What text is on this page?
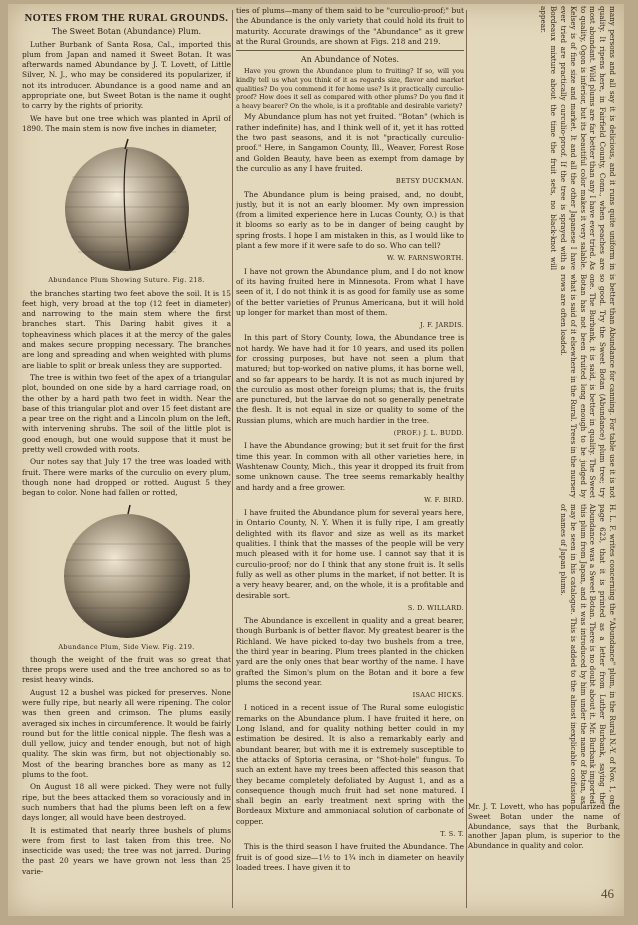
NOTES FROM THE RURAL GROUNDS.
The Sweet Botan (Abundance) Plum.

Luther Burbank of Santa Rosa, Cal., imported this plum from Japan and named it Sweet Botan. It was afterwards named Abundance by J. T. Lovett, of Little Silver, N. J., who may be considered its popularizer, if not its introducer. Abundance is a good name and an appropriate one, but Sweet Botan is the name it ought to carry by the rights of priority.

We have but one tree which was planted in April of 1890. The main stem is now five inches in diameter,

Abundance Plum Showing Suture. Fig. 218.

the branches starting two feet above the soil. It is 15 feet high, very broad at the top (12 feet in diameter) and narrowing to the main stem where the first branches start. This Daring habit gives it a topheaviness which places it at the mercy of the gales and makes secure propping necessary. The branches are long and spreading and when weighted with plums are liable to split or break unless they are supported.

The tree is within two feet of the apex of a triangular plot, bounded on one side by a hard carriage road, on the other by a hard path two feet in width. Near the base of this triangular plot and over 15 feet distant are a pear tree on the right and a Lincoln plum on the left, with intervening shrubs. The soil of the little plot is good enough, but one would suppose that it must be pretty well crowded with roots.

Our notes say that July 17 the tree was loaded with fruit. There were marks of the curculio on every plum, though none had dropped or rotted. August 5 they began to color. None had fallen or rotted,

Abundance Plum, Side View. Fig. 219.

though the weight of the fruit was so great that three props were used and the tree anchored so as to resist heavy winds.

August 12 a bushel was picked for preserves. None were fully ripe, but nearly all were ripening. The color was then green and crimson. The plums easily averaged six inches in circumference. It would be fairly round but for the little conical nipple. The flesh was a dull yellow, juicy and tender enough, but not of high quality. The skin was firm, but not objectionably so. Most of the bearing branches bore as many as 12 plums to the foot.

On August 18 all were picked. They were not fully ripe, but the bees attacked them so voraciously and in such numbers that had the plums been left on a few days longer, all would have been destroyed.

It is estimated that nearly three bushels of plums were from first to last taken from this tree. No insecticide was used; the tree was not jarred. During the past 20 years we have grown not less than 25 varie-

ties of plums—many of them said to be "curculio-proof;" but the Abundance is the only variety that could hold its fruit to maturity. Accurate drawings of the "Abundance" as it grew at the Rural Grounds, are shown at Figs. 218 and 219.

An Abundance of Notes.

Have you grown the Abundance plum to fruiting? If so, will you kindly tell us what you think of it as regards size, flavor and market qualities? Do you commend it for home use? Is it practically curculio-proof? How does it sell as compared with other plums? Do you find it a heavy bearer? On the whole, is it a profitable and desirable variety?

My Abundance plum has not yet fruited. "Botan" (which is rather indefinite) has, and I think well of it, yet it has rotted the two past seasons, and it is not "practically curculio-proof." Here, in Sangamon County, Ill., Weaver, Forest Rose and Golden Beauty, have been as exempt from damage by the curculio as any I have fruited.

BETSY DUCKMAN.

The Abundance plum is being praised, and, no doubt, justly, but it is not an early bloomer. My own impression (from a limited experience here in Lucas County, O.) is that it blooms so early as to be in danger of being caught by spring frosts. I hope I am mistaken in this, as I would like to plant a few more if it were safe to do so. Who can tell?

W. W. FARNSWORTH.

I have not grown the Abundance plum, and I do not know of its having fruited here in Minnesota. From what I have seen of it, I do not think it is as good for family use as some of the better varieties of Prunus Americana, but it will hold up longer for market than most of them.

J. F. JARDIS.

In this part of Story County, Iowa, the Abundance tree is not hardy. We have had it for 10 years, and used its pollen for crossing purposes, but have not seen a plum that matured; but top-worked on native plums, it has borne well, and so far appears to be hardy. It is not as much injured by the curculio as most other foreign plums; that is, the fruits are punctured, but the larvae do not so generally penetrate the flesh. It is not equal in size or quality to some of the Russian plums, which are much hardier in the tree.

(PROF.) J. L. BUDD.

I have the Abundance growing; but it set fruit for the first time this year. In common with all other varieties here, in Washtenaw County, Mich., this year it dropped its fruit from some unknown cause. The tree seems remarkably healthy and hardy and a free grower.

W. F. BIRD.

I have fruited the Abundance plum for several years here, in Ontario County, N. Y. When it is fully ripe, I am greatly delighted with its flavor and size as well as its market qualities. I think that the masses of the people will be very much pleased with it for home use. I cannot say that it is curculio-proof; nor do I think that any stone fruit is. It sells fully as well as other plums in the market, if not better. It is a very heavy bearer, and, on the whole, it is a profitable and desirable sort.

S. D. WILLARD.

The Abundance is excellent in quality and a great bearer, though Burbank is of better flavor. My greatest bearer is the Richland. We have picked to-day two bushels from a tree, the third year in bearing. Plum trees planted in the chicken yard are the only ones that bear worthy of the name. I have grafted the Simon's plum on the Botan and it bore a few plums the second year.

ISAAC HICKS.

I noticed in a recent issue of The Rural some eulogistic remarks on the Abundance plum. I have fruited it here, on Long Island, and for quality nothing better could in my estimation be desired. It is also a remarkably early and abundant bearer, but with me it is extremely susceptible to the attacks of Sptoria cerasina, or "Shot-hole" fungus. To such an extent have my trees been affected this season that they became completely defoliated by August 1, and as a consequence though much fruit had set none matured. I shall begin an early treatment next spring with the Bordeaux Mixture and ammoniacal solution of carbonate of copper.

T. S. T.

This is the third season I have fruited the Abundance. The fruit is of good size—1½ to 1¾ inch in diameter on heavily loaded trees. I have given it to

many persons and all say it is delicious, and it runs quite uniform in quality. It ripens here, in Fairfield County, Conn., when peaches are most abundant. Wild plums are far better than any I have ever tried. As to quality, Ogon is inferior, but its beautiful color makes it very salable. Kelsey is of fine size and market. It and all the other Japanese I have ever tried are practically curculio-proof. If the tree is sprayed with a Bordeaux mixture about the time the fruit sets, no black-knot will appear.
is better than Abundance for canning. For table use it is not so good. Try the Sweet Botan (Abundance) plum tree; try one. The Burbank, it is said, is better in quality. The Sweet Botan has not been fruited long enough to be judged by what is said of it elsewhere in the Rural. Trees in the nursery rows are often loaded.
H. L. F. writes concerning the "Abundance" plum, in the Rural N.-Y. of Nov. 1, on page 623, that it is printed as a letter from Luther Burbank, saying the Abundance was a Sweet Botan. There is no doubt about it. Mr. Burbank imported this plum from Japan, and it was introduced by him under the name of Botan, as may be seen in his catalogue. This is added to the almost inexplicable confusion of names of Japan plums.
Mr. J. T. Lovett, who has popularized the Sweet Botan under the name of Abundance, says that the Burbank, another Japan plum, is superior to the Abundance in quality and color.
46
